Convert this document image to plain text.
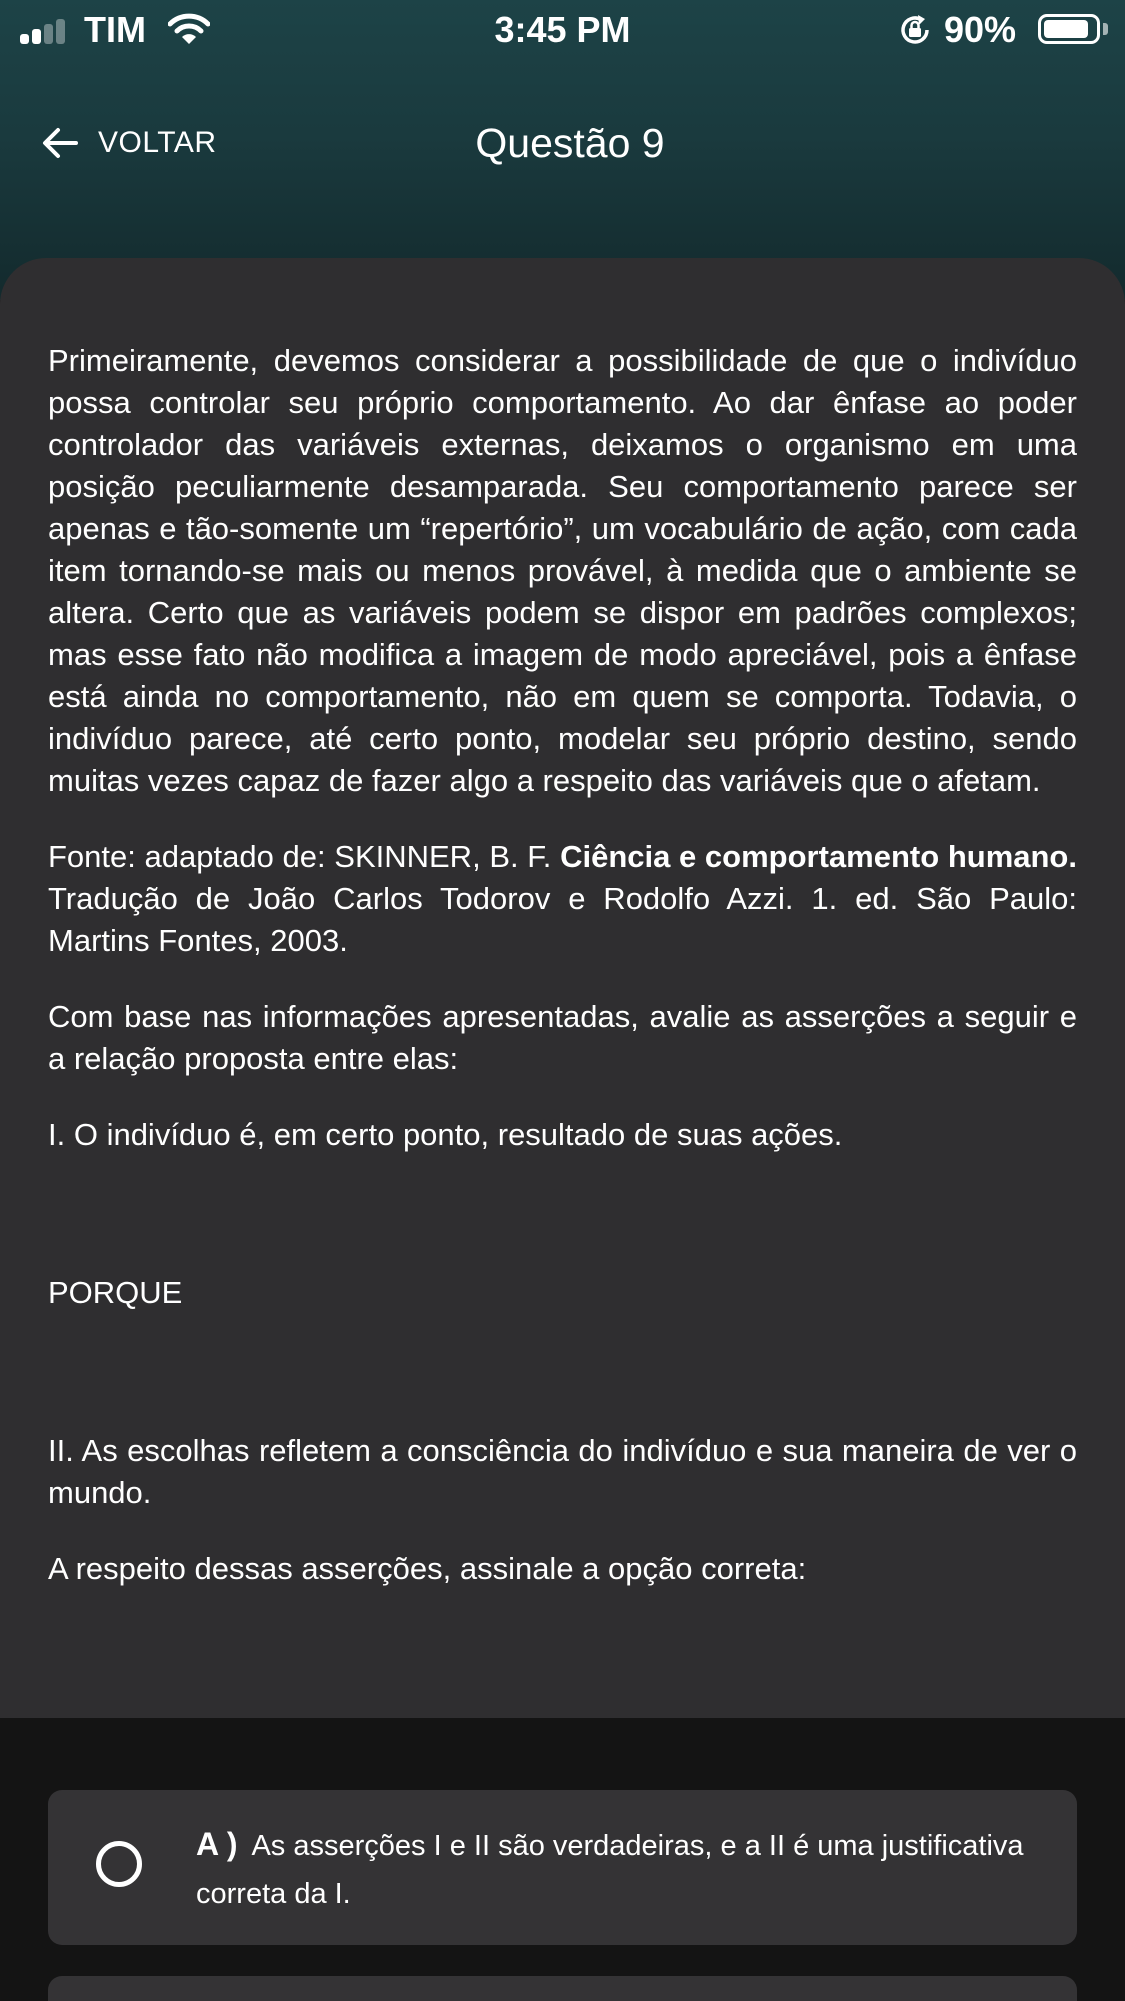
TIM	3:45 PM	90%
VOLTAR	Questão 9

Primeiramente, devemos considerar a possibilidade de que o indivíduo possa controlar seu próprio comportamento. Ao dar ênfase ao poder controlador das variáveis externas, deixamos o organismo em uma posição peculiarmente desamparada. Seu comportamento parece ser apenas e tão-somente um “repertório”, um vocabulário de ação, com cada item tornando-se mais ou menos provável, à medida que o ambiente se altera. Certo que as variáveis podem se dispor em padrões complexos; mas esse fato não modifica a imagem de modo apreciável, pois a ênfase está ainda no comportamento, não em quem se comporta. Todavia, o indivíduo parece, até certo ponto, modelar seu próprio destino, sendo muitas vezes capaz de fazer algo a respeito das variáveis que o afetam.

Fonte: adaptado de: SKINNER, B. F. Ciência e comportamento humano. Tradução de João Carlos Todorov e Rodolfo Azzi. 1. ed. São Paulo: Martins Fontes, 2003.

Com base nas informações apresentadas, avalie as asserções a seguir e a relação proposta entre elas:

I. O indivíduo é, em certo ponto, resultado de suas ações.

PORQUE

II. As escolhas refletem a consciência do indivíduo e sua maneira de ver o mundo.

A respeito dessas asserções, assinale a opção correta:

A ) As asserções I e II são verdadeiras, e a II é uma justificativa correta da I.
